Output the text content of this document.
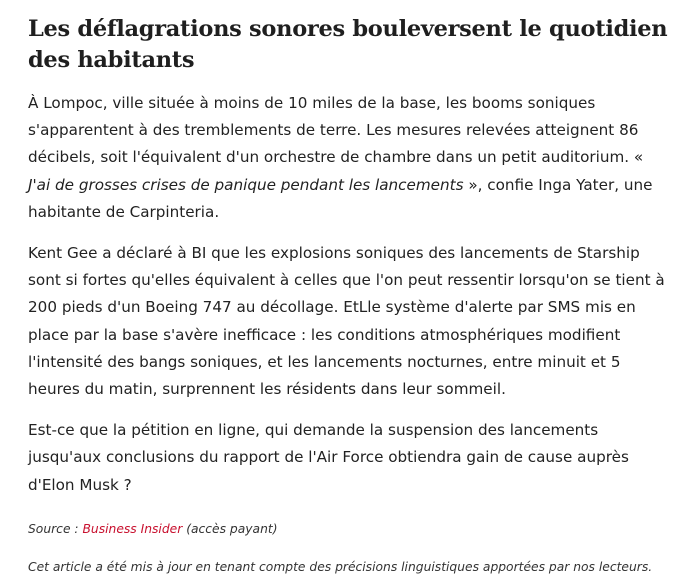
Les déflagrations sonores bouleversent le quotidien des habitants

À Lompoc, ville située à moins de 10 miles de la base, les booms soniques s'apparentent à des tremblements de terre. Les mesures relevées atteignent 86 décibels, soit l'équivalent d'un orchestre de chambre dans un petit auditorium. « J'ai de grosses crises de panique pendant les lancements », confie Inga Yater, une habitante de Carpinteria.

Kent Gee a déclaré à BI que les explosions soniques des lancements de Starship sont si fortes qu'elles équivalent à celles que l'on peut ressentir lorsqu'on se tient à 200 pieds d'un Boeing 747 au décollage. EtLle système d'alerte par SMS mis en place par la base s'avère inefficace : les conditions atmosphériques modifient l'intensité des bangs soniques, et les lancements nocturnes, entre minuit et 5 heures du matin, surprennent les résidents dans leur sommeil.

Est-ce que la pétition en ligne, qui demande la suspension des lancements jusqu'aux conclusions du rapport de l'Air Force obtiendra gain de cause auprès d'Elon Musk ?

Source : Business Insider (accès payant)

Cet article a été mis à jour en tenant compte des précisions linguistiques apportées par nos lecteurs.
